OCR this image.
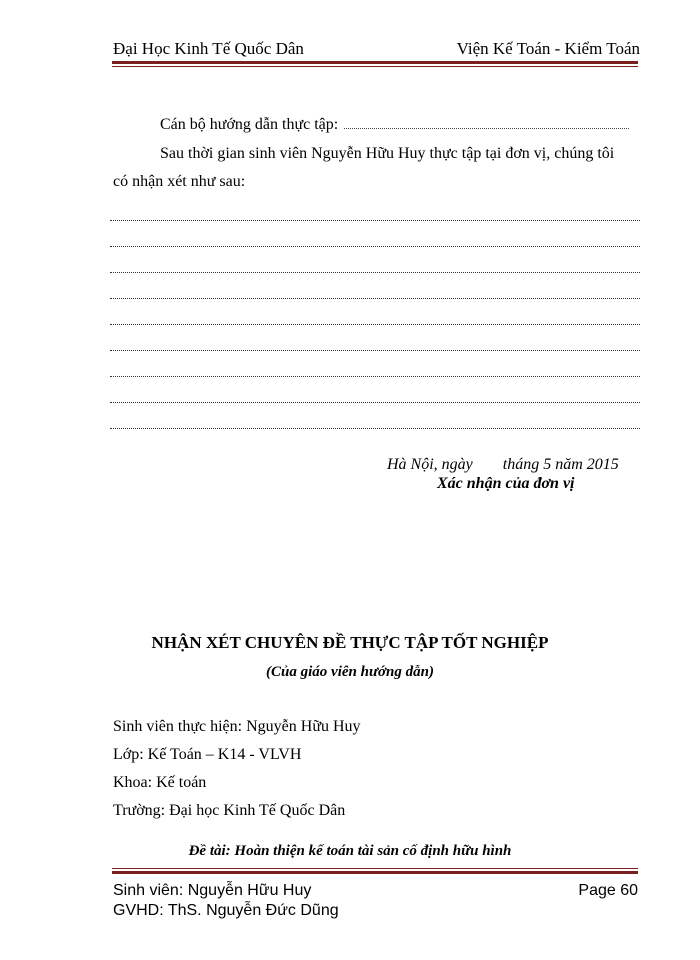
Đại Học Kinh Tế Quốc Dân	Viện Kế Toán - Kiểm Toán
Cán bộ hướng dẫn thực tập:
Sau thời gian sinh viên Nguyễn Hữu Huy thực tập tại đơn vị, chúng tôi
có nhận xét như sau:
Hà Nội, ngày tháng 5 năm 2015
Xác nhận của đơn vị
NHẬN XÉT CHUYÊN ĐỀ THỰC TẬP TỐT NGHIỆP
(Của giáo viên hướng dẫn)
Sinh viên thực hiện: Nguyễn Hữu Huy
Lớp: Kế Toán – K14 - VLVH
Khoa: Kế toán
Trường: Đại học Kinh Tế Quốc Dân
Đề tài: Hoàn thiện kế toán tài sản cố định hữu hình
Sinh viên: Nguyễn Hữu Huy
GVHD: ThS. Nguyễn Đức Dũng
Page 60
